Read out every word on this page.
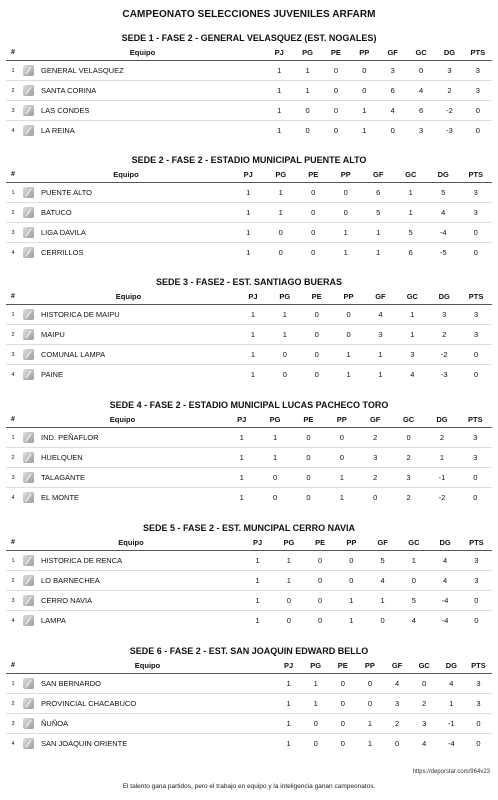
CAMPEONATO SELECCIONES JUVENILES ARFARM
SEDE 1 - FASE 2 - GENERAL VELASQUEZ (EST. NOGALES)
#	Equipo	PJ	PG	PE	PP	GF	GC	DG	PTS
1	GENERAL VELASQUEZ	1	1	0	0	3	0	3	3
2	SANTA CORINA	1	1	0	0	6	4	2	3
3	LAS CONDES	1	0	0	1	4	6	-2	0
4	LA REINA	1	0	0	1	0	3	-3	0
SEDE 2 - FASE 2 - ESTADIO MUNICIPAL PUENTE ALTO
#	Equipo	PJ	PG	PE	PP	GF	GC	DG	PTS
1	PUENTE ALTO	1	1	0	0	6	1	5	3
2	BATUCO	1	1	0	0	5	1	4	3
3	LIGA DAVILA	1	0	0	1	1	5	-4	0
4	CERRILLOS	1	0	0	1	1	6	-5	0
SEDE 3 - FASE2 - EST. SANTIAGO BUERAS
#	Equipo	PJ	PG	PE	PP	GF	GC	DG	PTS
1	HISTORICA DE MAIPU	1	1	0	0	4	1	3	3
2	MAIPU	1	1	0	0	3	1	2	3
3	COMUNAL LAMPA	1	0	0	1	1	3	-2	0
4	PAINE	1	0	0	1	1	4	-3	0
SEDE 4 - FASE 2 - ESTADIO MUNICIPAL LUCAS PACHECO TORO
#	Equipo	PJ	PG	PE	PP	GF	GC	DG	PTS
1	IND. PEÑAFLOR	1	1	0	0	2	0	2	3
2	HUELQUEN	1	1	0	0	3	2	1	3
3	TALAGANTE	1	0	0	1	2	3	-1	0
4	EL MONTE	1	0	0	1	0	2	-2	0
SEDE 5 - FASE 2 - EST. MUNCIPAL CERRO NAVIA
#	Equipo	PJ	PG	PE	PP	GF	GC	DG	PTS
1	HISTORICA DE RENCA	1	1	0	0	5	1	4	3
2	LO BARNECHEA	1	1	0	0	4	0	4	3
3	CERRO NAVIA	1	0	0	1	1	5	-4	0
4	LAMPA	1	0	0	1	0	4	-4	0
SEDE 6 - FASE 2 - EST. SAN JOAQUIN EDWARD BELLO
#	Equipo	PJ	PG	PE	PP	GF	GC	DG	PTS
1	SAN BERNARDO	1	1	0	0	4	0	4	3
2	PROVINCIAL CHACABUCO	1	1	0	0	3	2	1	3
3	ÑUÑOA	1	0	0	1	2	3	-1	0
4	SAN JOAQUIN ORIENTE	1	0	0	1	0	4	-4	0
https://deporstar.com/964v23
El talento gana partidos, pero el trabajo en equipo y la inteligencia ganan campeonatos.
